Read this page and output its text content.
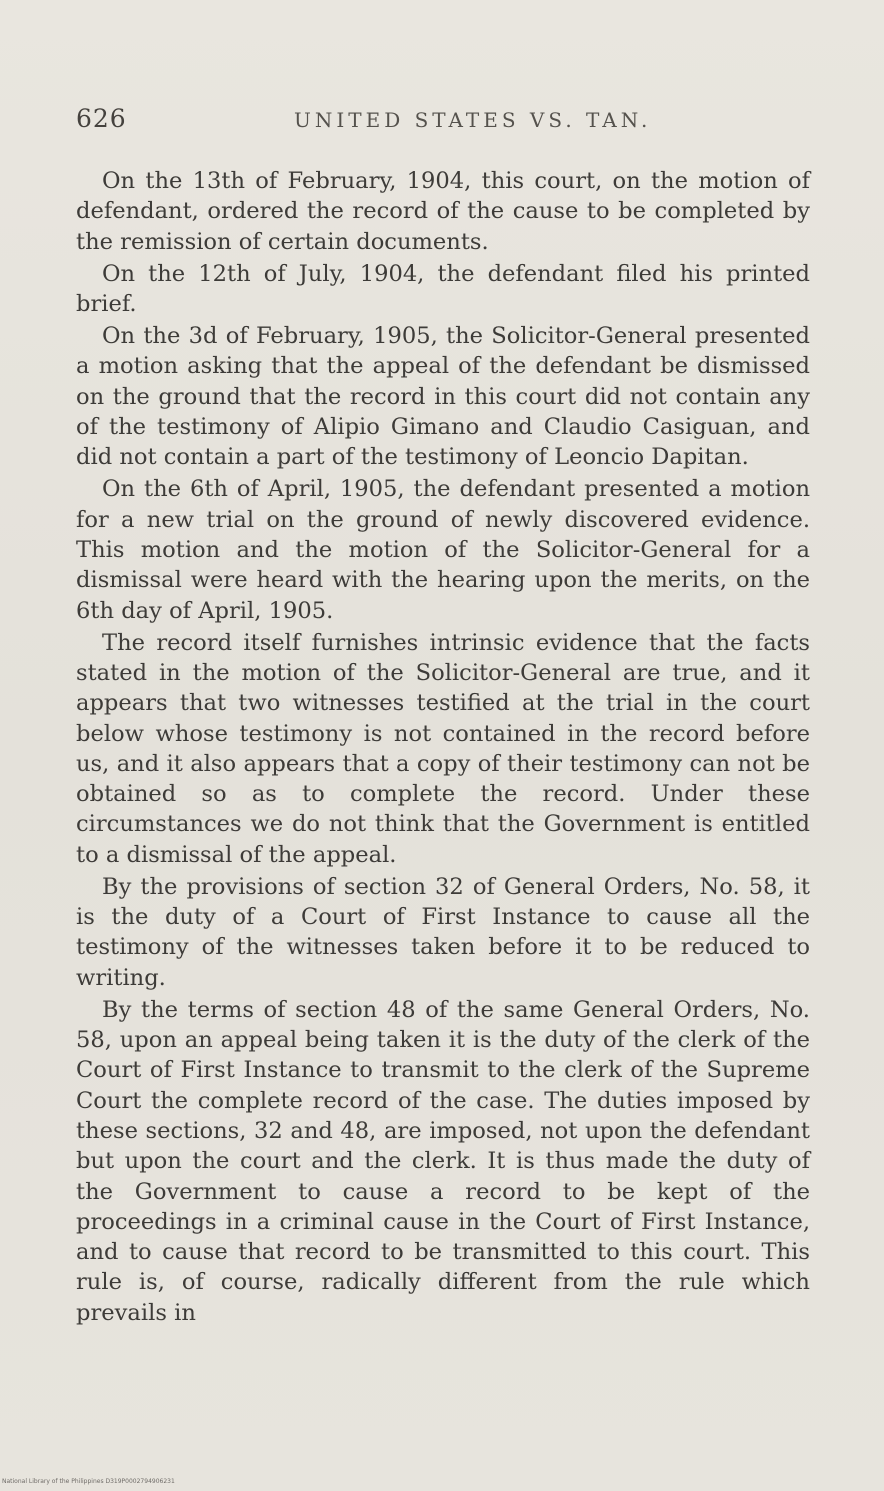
626	UNITED STATES VS. TAN.

On the 13th of February, 1904, this court, on the motion of defendant, ordered the record of the cause to be completed by the remission of certain documents.

On the 12th of July, 1904, the defendant filed his printed brief.

On the 3d of February, 1905, the Solicitor-General presented a motion asking that the appeal of the defendant be dismissed on the ground that the record in this court did not contain any of the testimony of Alipio Gimano and Claudio Casiguan, and did not contain a part of the testimony of Leoncio Dapitan.

On the 6th of April, 1905, the defendant presented a motion for a new trial on the ground of newly discovered evidence. This motion and the motion of the Solicitor-General for a dismissal were heard with the hearing upon the merits, on the 6th day of April, 1905.

The record itself furnishes intrinsic evidence that the facts stated in the motion of the Solicitor-General are true, and it appears that two witnesses testified at the trial in the court below whose testimony is not contained in the record before us, and it also appears that a copy of their testimony can not be obtained so as to complete the record. Under these circumstances we do not think that the Government is entitled to a dismissal of the appeal.

By the provisions of section 32 of General Orders, No. 58, it is the duty of a Court of First Instance to cause all the testimony of the witnesses taken before it to be reduced to writing.

By the terms of section 48 of the same General Orders, No. 58, upon an appeal being taken it is the duty of the clerk of the Court of First Instance to transmit to the clerk of the Supreme Court the complete record of the case. The duties imposed by these sections, 32 and 48, are imposed, not upon the defendant but upon the court and the clerk. It is thus made the duty of the Government to cause a record to be kept of the proceedings in a criminal cause in the Court of First Instance, and to cause that record to be transmitted to this court. This rule is, of course, radically different from the rule which prevails in

National Library of the Philippines D319P0002794906231
